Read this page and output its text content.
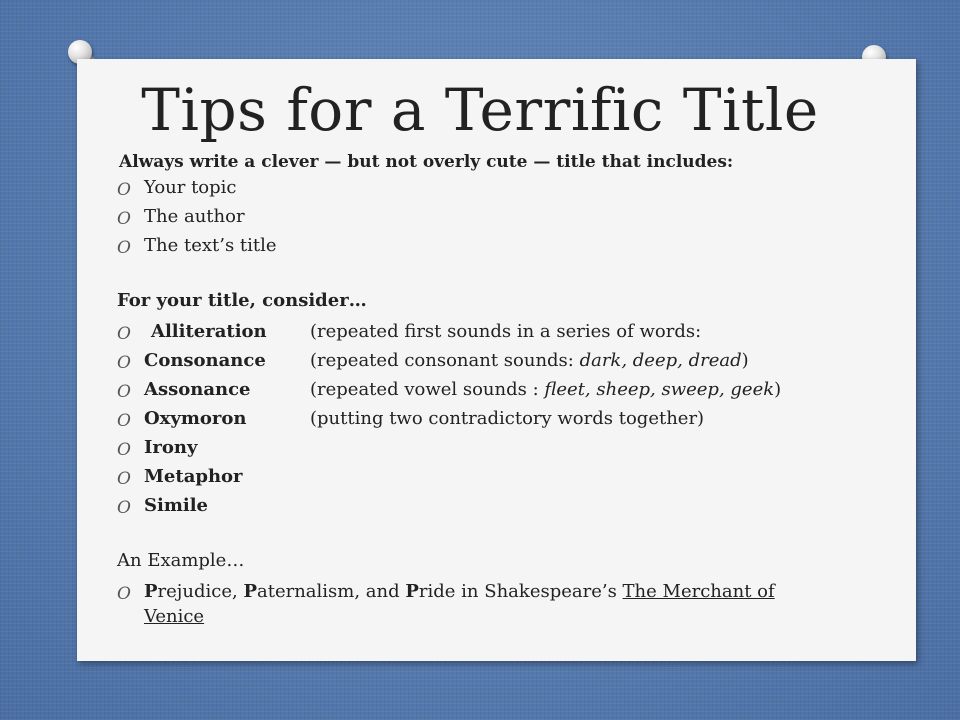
Tips for a Terrific Title
Always write a clever — but not overly cute — title that includes:
O Your topic
O The author
O The text’s title
For your title, consider…
O Alliteration (repeated first sounds in a series of words:
O Consonance (repeated consonant sounds: dark, deep, dread)
O Assonance	(repeated vowel sounds : fleet, sheep, sweep, geek)
O Oxymoron	(putting two contradictory words together)
O Irony
O Metaphor
O Simile
An Example…
O Prejudice, Paternalism, and Pride in Shakespeare’s The Merchant of
Venice
